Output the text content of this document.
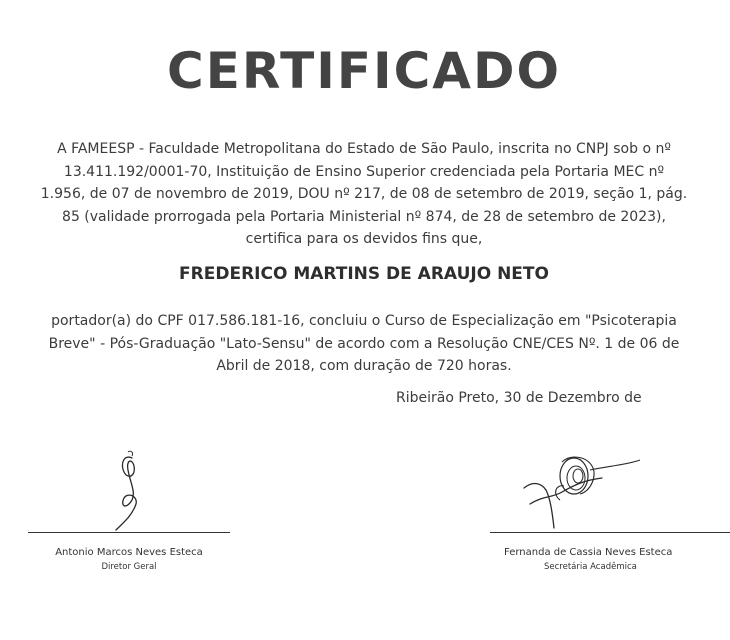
CERTIFICADO
A FAMEESP - Faculdade Metropolitana do Estado de São Paulo, inscrita no CNPJ sob o nº
13.411.192/0001-70, Instituição de Ensino Superior credenciada pela Portaria MEC nº
1.956, de 07 de novembro de 2019, DOU nº 217, de 08 de setembro de 2019, seção 1, pág.
85 (validade prorrogada pela Portaria Ministerial nº 874, de 28 de setembro de 2023),
certifica para os devidos fins que,
FREDERICO MARTINS DE ARAUJO NETO
portador(a) do CPF 017.586.181-16, concluiu o Curso de Especialização em "Psicoterapia
Breve" - Pós-Graduação "Lato-Sensu" de acordo com a Resolução CNE/CES Nº. 1 de 06 de
Abril de 2018, com duração de 720 horas.
Ribeirão Preto, 30 de Dezembro de
Antonio Marcos Neves Esteca
Diretor Geral
Fernanda de Cassia Neves Esteca
Secretária Acadêmica
